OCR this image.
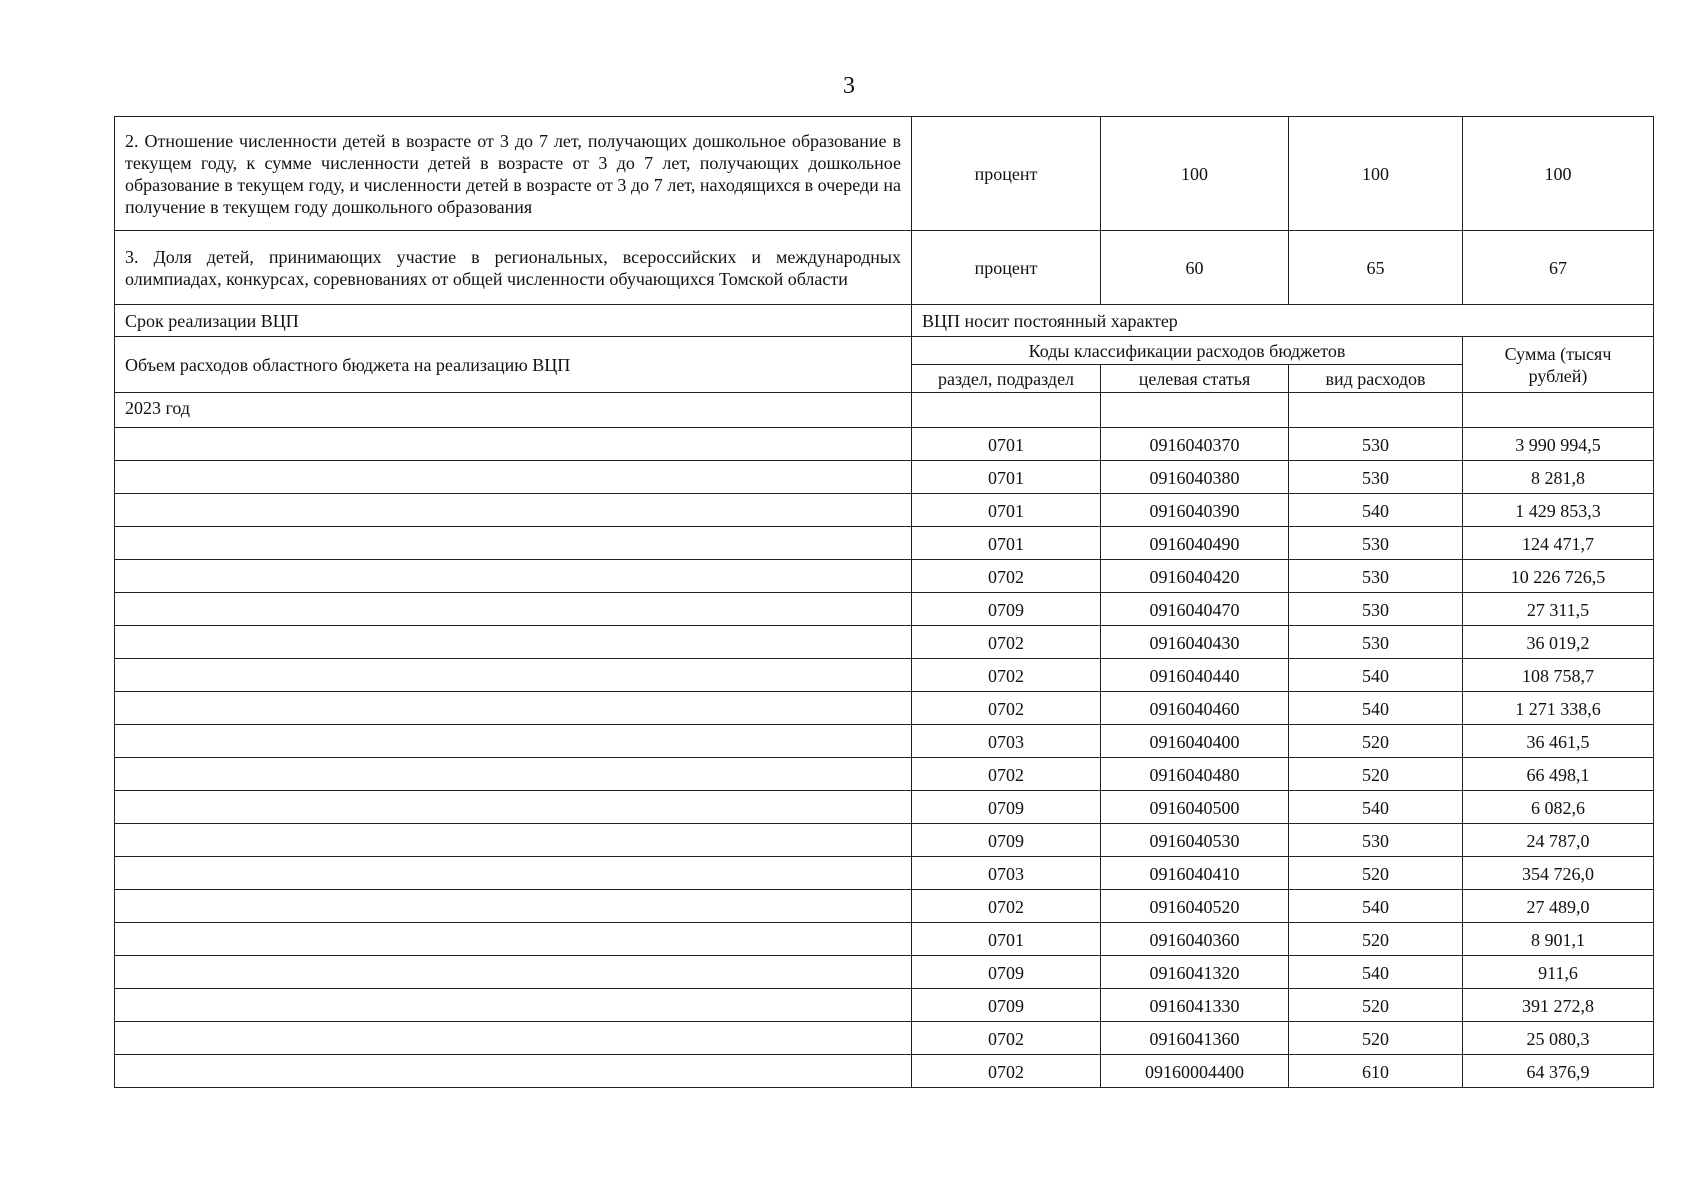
3
2. Отношение численности детей в возрасте от 3 до 7 лет, получающих дошкольное образование в текущем году, к сумме численности детей в возрасте от 3 до 7 лет, получающих дошкольное образование в текущем году, и численности детей в возрасте от 3 до 7 лет, находящихся в очереди на получение в текущем году дошкольного образования	процент	100	100	100
3. Доля детей, принимающих участие в региональных, всероссийских и международных олимпиадах, конкурсах, соревнованиях от общей численности обучающихся Томской области	процент	60	65	67
Срок реализации ВЦП	ВЦП носит постоянный характер			
Объем расходов областного бюджета на реализацию ВЦП	Коды классификации расходов бюджетов			Сумма (тысяч рублей)
	раздел, подраздел	целевая статья	вид расходов	
2023 год				
	0701	0916040370	530	3 990 994,5
	0701	0916040380	530	8 281,8
	0701	0916040390	540	1 429 853,3
	0701	0916040490	530	124 471,7
	0702	0916040420	530	10 226 726,5
	0709	0916040470	530	27 311,5
	0702	0916040430	530	36 019,2
	0702	0916040440	540	108 758,7
	0702	0916040460	540	1 271 338,6
	0703	0916040400	520	36 461,5
	0702	0916040480	520	66 498,1
	0709	0916040500	540	6 082,6
	0709	0916040530	530	24 787,0
	0703	0916040410	520	354 726,0
	0702	0916040520	540	27 489,0
	0701	0916040360	520	8 901,1
	0709	0916041320	540	911,6
	0709	0916041330	520	391 272,8
	0702	0916041360	520	25 080,3
	0702	09160004400	610	64 376,9
